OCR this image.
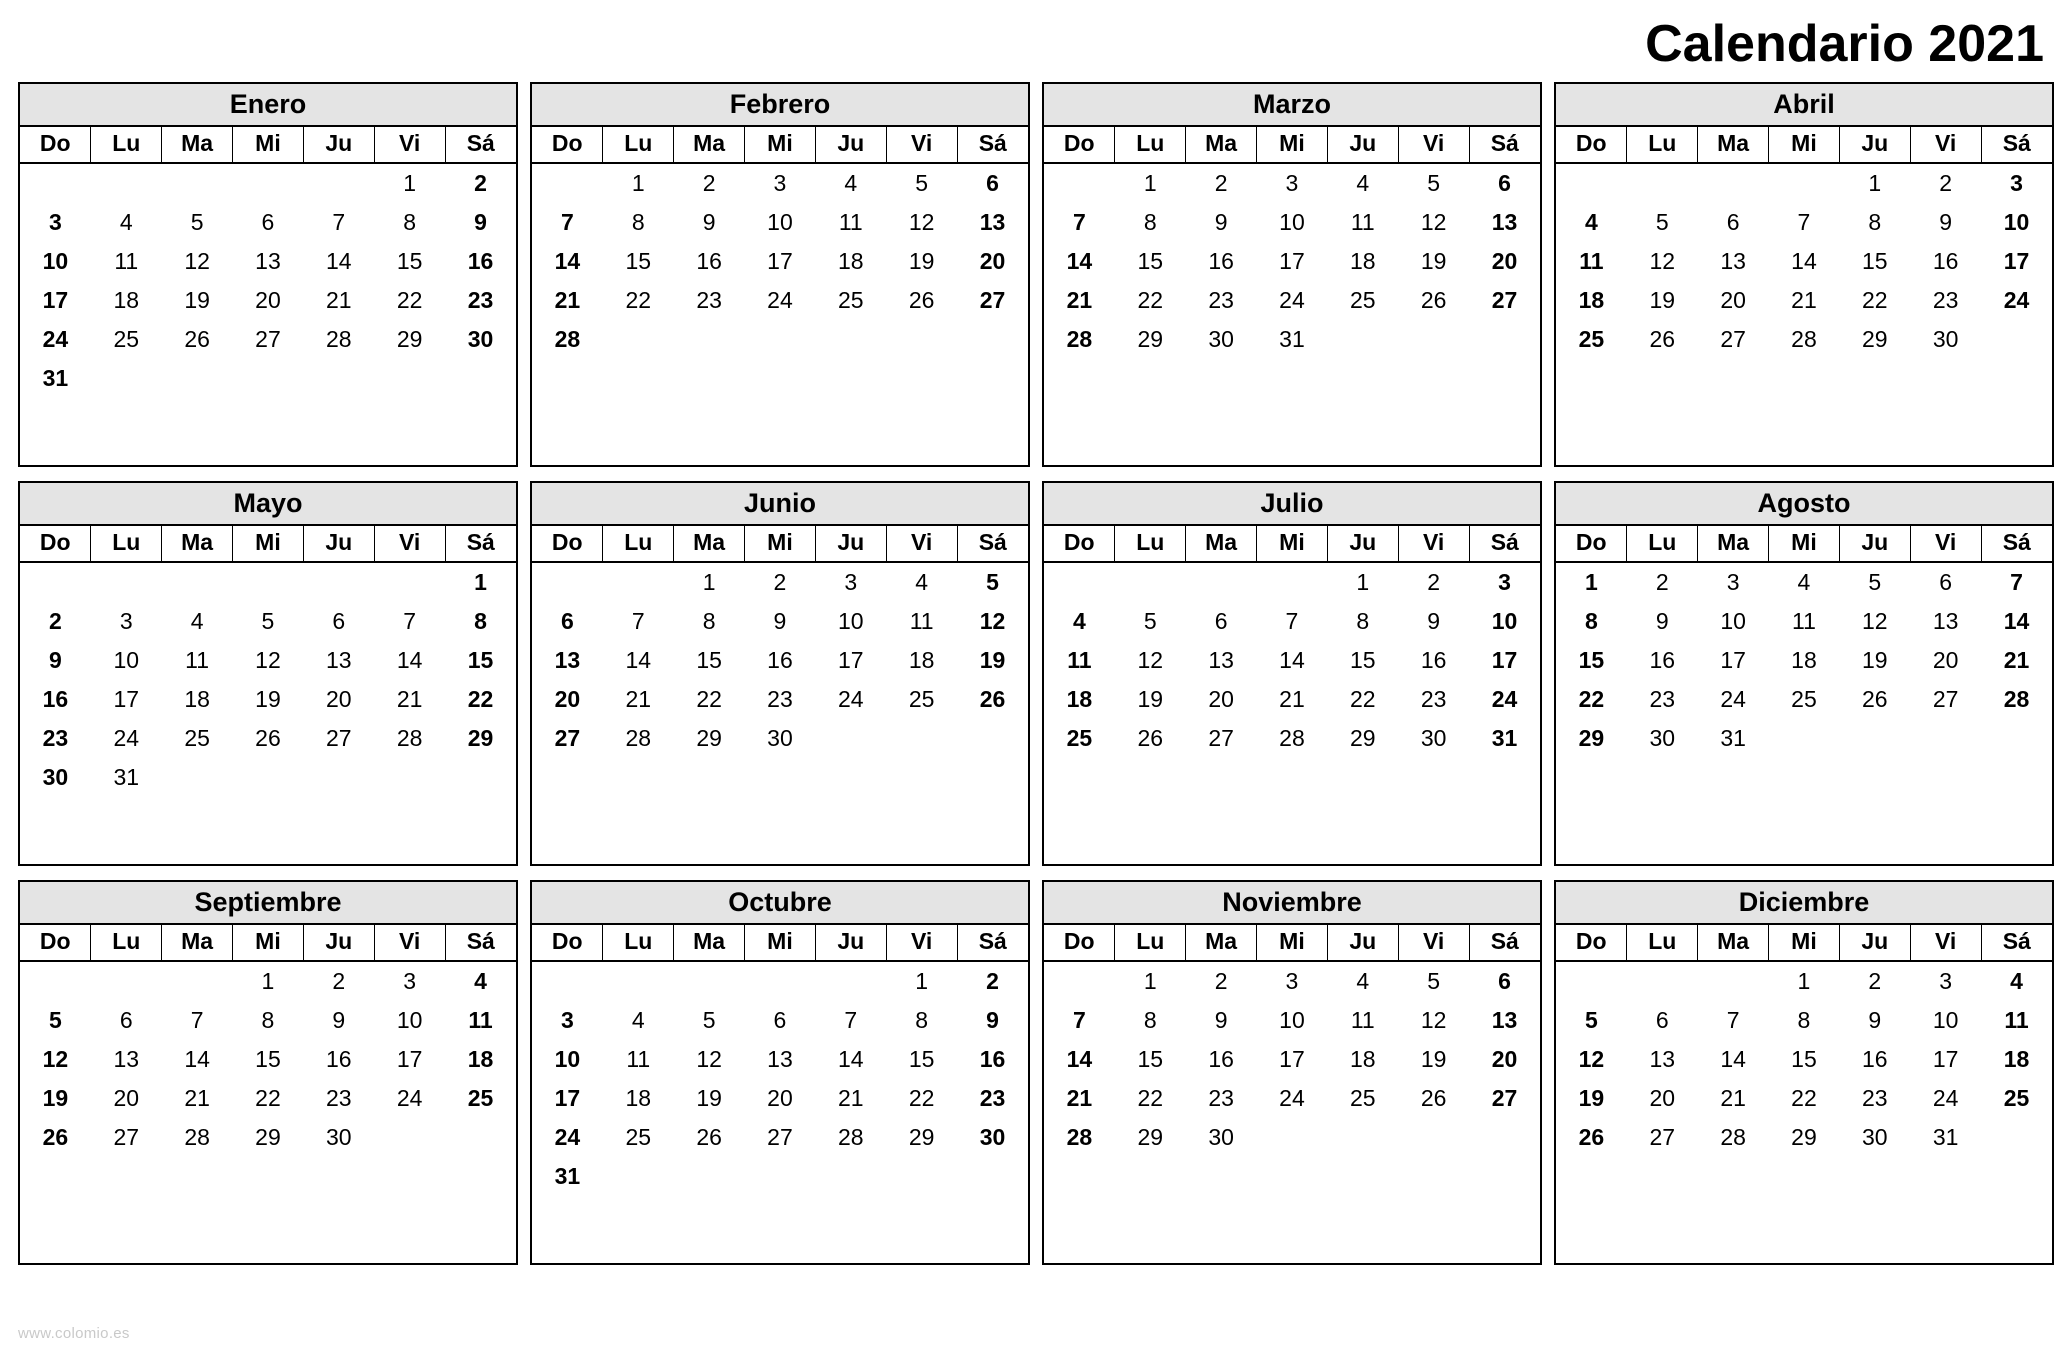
Calendario 2021
Enero
Do	Lu	Ma	Mi	Ju	Vi	Sá
					1	2
3	4	5	6	7	8	9
10	11	12	13	14	15	16
17	18	19	20	21	22	23
24	25	26	27	28	29	30
31						
Febrero
Do	Lu	Ma	Mi	Ju	Vi	Sá
	1	2	3	4	5	6
7	8	9	10	11	12	13
14	15	16	17	18	19	20
21	22	23	24	25	26	27
28						
Marzo
Do	Lu	Ma	Mi	Ju	Vi	Sá
	1	2	3	4	5	6
7	8	9	10	11	12	13
14	15	16	17	18	19	20
21	22	23	24	25	26	27
28	29	30	31			
Abril
Do	Lu	Ma	Mi	Ju	Vi	Sá
				1	2	3
4	5	6	7	8	9	10
11	12	13	14	15	16	17
18	19	20	21	22	23	24
25	26	27	28	29	30	
Mayo
Do	Lu	Ma	Mi	Ju	Vi	Sá
						1
2	3	4	5	6	7	8
9	10	11	12	13	14	15
16	17	18	19	20	21	22
23	24	25	26	27	28	29
30	31					
Junio
Do	Lu	Ma	Mi	Ju	Vi	Sá
		1	2	3	4	5
6	7	8	9	10	11	12
13	14	15	16	17	18	19
20	21	22	23	24	25	26
27	28	29	30			
Julio
Do	Lu	Ma	Mi	Ju	Vi	Sá
				1	2	3
4	5	6	7	8	9	10
11	12	13	14	15	16	17
18	19	20	21	22	23	24
25	26	27	28	29	30	31
Agosto
Do	Lu	Ma	Mi	Ju	Vi	Sá
1	2	3	4	5	6	7
8	9	10	11	12	13	14
15	16	17	18	19	20	21
22	23	24	25	26	27	28
29	30	31				
Septiembre
Do	Lu	Ma	Mi	Ju	Vi	Sá
			1	2	3	4
5	6	7	8	9	10	11
12	13	14	15	16	17	18
19	20	21	22	23	24	25
26	27	28	29	30		
Octubre
Do	Lu	Ma	Mi	Ju	Vi	Sá
					1	2
3	4	5	6	7	8	9
10	11	12	13	14	15	16
17	18	19	20	21	22	23
24	25	26	27	28	29	30
31						
Noviembre
Do	Lu	Ma	Mi	Ju	Vi	Sá
	1	2	3	4	5	6
7	8	9	10	11	12	13
14	15	16	17	18	19	20
21	22	23	24	25	26	27
28	29	30				
Diciembre
Do	Lu	Ma	Mi	Ju	Vi	Sá
			1	2	3	4
5	6	7	8	9	10	11
12	13	14	15	16	17	18
19	20	21	22	23	24	25
26	27	28	29	30	31	
www.colomio.es
